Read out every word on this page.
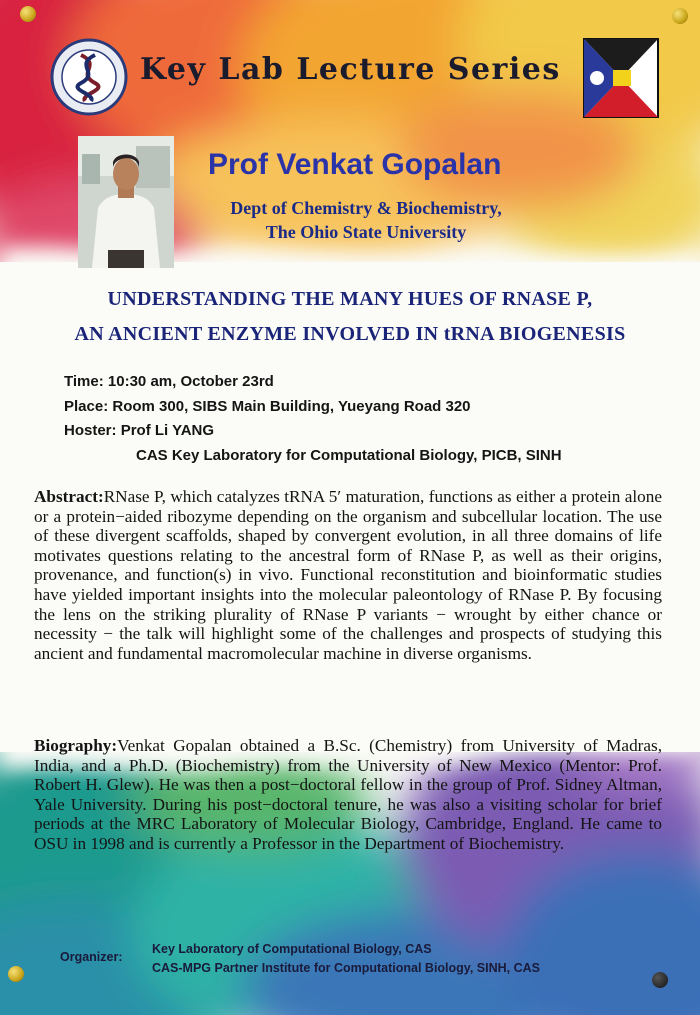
Key Lab Lecture Series
Prof Venkat Gopalan
Dept of Chemistry & Biochemistry,
The Ohio State University
UNDERSTANDING THE MANY HUES OF RNASE P,
AN ANCIENT ENZYME INVOLVED IN tRNA BIOGENESIS
Time: 10:30 am, October 23rd
Place: Room 300, SIBS Main Building, Yueyang Road 320
Hoster: Prof Li YANG
CAS Key Laboratory for Computational Biology, PICB, SINH
Abstract:RNase P, which catalyzes tRNA 5′ maturation, functions as either a protein alone or a protein−aided ribozyme depending on the organism and subcellular location. The use of these divergent scaffolds, shaped by convergent evolution, in all three domains of life motivates questions relating to the ancestral form of RNase P, as well as their origins, provenance, and function(s) in vivo. Functional reconstitution and bioinformatic studies have yielded important insights into the molecular paleontology of RNase P. By focusing the lens on the striking plurality of RNase P variants − wrought by either chance or necessity − the talk will highlight some of the challenges and prospects of studying this ancient and fundamental macromolecular machine in diverse organisms.
Biography:Venkat Gopalan obtained a B.Sc. (Chemistry) from University of Madras, India, and a Ph.D. (Biochemistry) from the University of New Mexico (Mentor: Prof. Robert H. Glew). He was then a post−doctoral fellow in the group of Prof. Sidney Altman, Yale University. During his post−doctoral tenure, he was also a visiting scholar for brief periods at the MRC Laboratory of Molecular Biology, Cambridge, England. He came to OSU in 1998 and is currently a Professor in the Department of Biochemistry.
Organizer:
Key Laboratory of Computational Biology, CAS
CAS-MPG Partner Institute for Computational Biology, SINH, CAS
